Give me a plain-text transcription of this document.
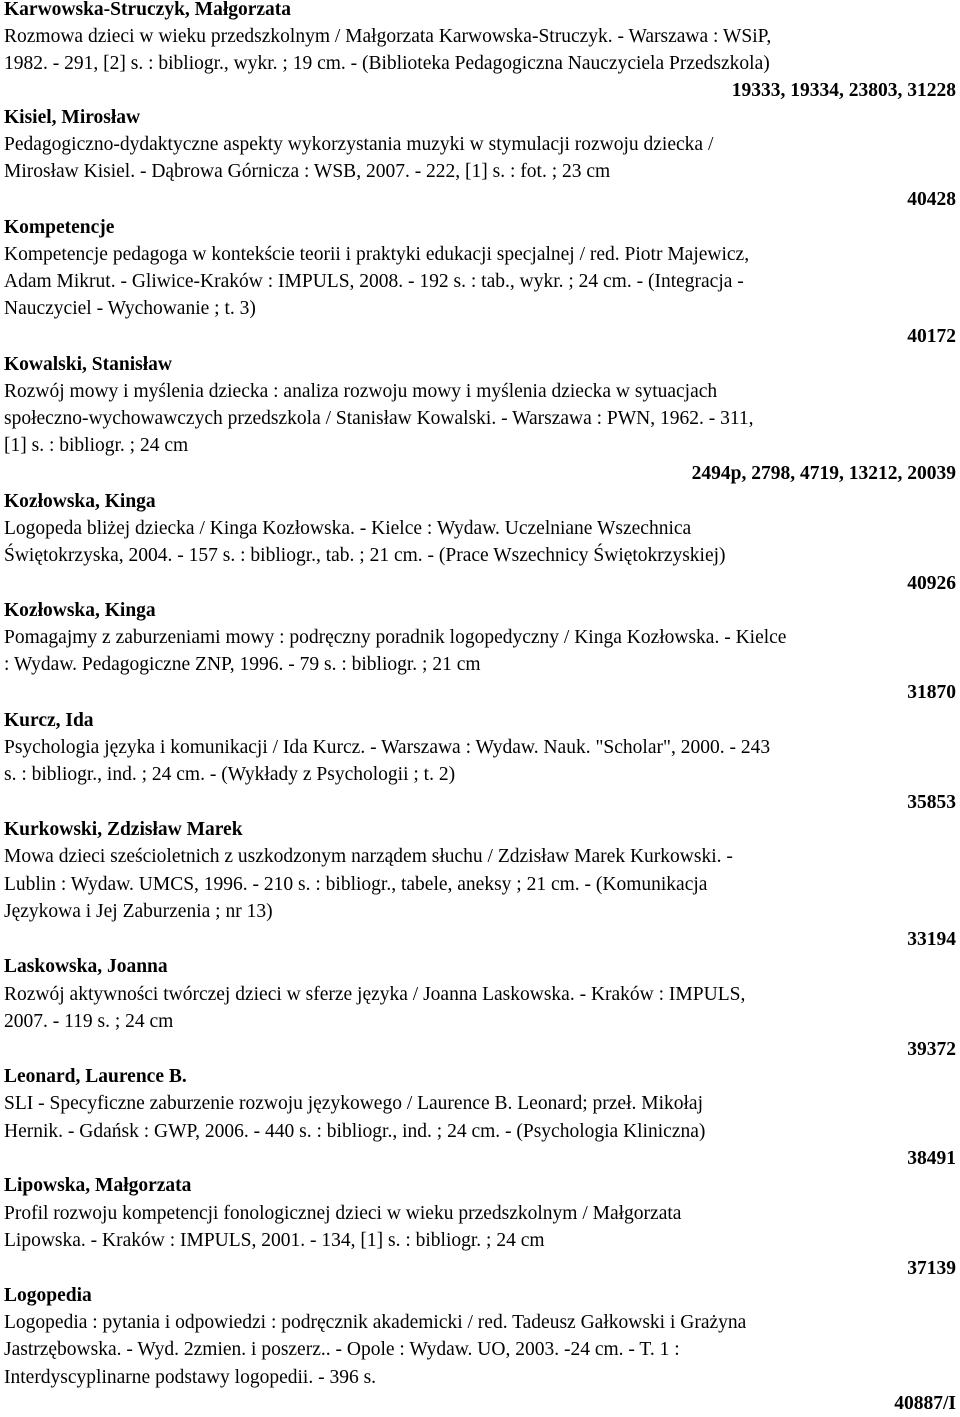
Karwowska-Struczyk, Małgorzata
Rozmowa dzieci w wieku przedszkolnym / Małgorzata Karwowska-Struczyk. - Warszawa : WSiP,
1982. - 291, [2] s. : bibliogr., wykr. ; 19 cm. - (Biblioteka Pedagogiczna Nauczyciela Przedszkola)
19333, 19334, 23803, 31228
Kisiel, Mirosław
Pedagogiczno-dydaktyczne aspekty wykorzystania muzyki w stymulacji rozwoju dziecka /
Mirosław Kisiel. - Dąbrowa Górnicza : WSB, 2007. - 222, [1] s. : fot. ; 23 cm
40428
Kompetencje
Kompetencje pedagoga w kontekście teorii i praktyki edukacji specjalnej / red. Piotr Majewicz,
Adam Mikrut. - Gliwice-Kraków : IMPULS, 2008. - 192 s. : tab., wykr. ; 24 cm. - (Integracja -
Nauczyciel - Wychowanie ; t. 3)
40172
Kowalski, Stanisław
Rozwój mowy i myślenia dziecka : analiza rozwoju mowy i myślenia dziecka w sytuacjach
społeczno-wychowawczych przedszkola / Stanisław Kowalski. - Warszawa : PWN, 1962. - 311,
[1] s. : bibliogr. ; 24 cm
2494p, 2798, 4719, 13212, 20039
Kozłowska, Kinga
Logopeda bliżej dziecka / Kinga Kozłowska. - Kielce : Wydaw. Uczelniane Wszechnica
Świętokrzyska, 2004. - 157 s. : bibliogr., tab. ; 21 cm. - (Prace Wszechnicy Świętokrzyskiej)
40926
Kozłowska, Kinga
Pomagajmy z zaburzeniami mowy : podręczny poradnik logopedyczny / Kinga Kozłowska. - Kielce
: Wydaw. Pedagogiczne ZNP, 1996. - 79 s. : bibliogr. ; 21 cm
31870
Kurcz, Ida
Psychologia języka i komunikacji / Ida Kurcz. - Warszawa : Wydaw. Nauk. "Scholar", 2000. - 243
s. : bibliogr., ind. ; 24 cm. - (Wykłady z Psychologii ; t. 2)
35853
Kurkowski, Zdzisław Marek
Mowa dzieci sześcioletnich z uszkodzonym narządem słuchu / Zdzisław Marek Kurkowski. -
Lublin : Wydaw. UMCS, 1996. - 210 s. : bibliogr., tabele, aneksy ; 21 cm. - (Komunikacja
Językowa i Jej Zaburzenia ; nr 13)
33194
Laskowska, Joanna
Rozwój aktywności twórczej dzieci w sferze języka / Joanna Laskowska. - Kraków : IMPULS,
2007. - 119 s. ; 24 cm
39372
Leonard, Laurence B.
SLI - Specyficzne zaburzenie rozwoju językowego / Laurence B. Leonard; przeł. Mikołaj
Hernik. - Gdańsk : GWP, 2006. - 440 s. : bibliogr., ind. ; 24 cm. - (Psychologia Kliniczna)
38491
Lipowska, Małgorzata
Profil rozwoju kompetencji fonologicznej dzieci w wieku przedszkolnym / Małgorzata
Lipowska. - Kraków : IMPULS, 2001. - 134, [1] s. : bibliogr. ; 24 cm
37139
Logopedia
Logopedia : pytania i odpowiedzi : podręcznik akademicki / red. Tadeusz Gałkowski i Grażyna
Jastrzębowska. - Wyd. 2zmien. i poszerz.. - Opole : Wydaw. UO, 2003. -24 cm. - T. 1 :
Interdyscyplinarne podstawy logopedii. - 396 s.
40887/I
